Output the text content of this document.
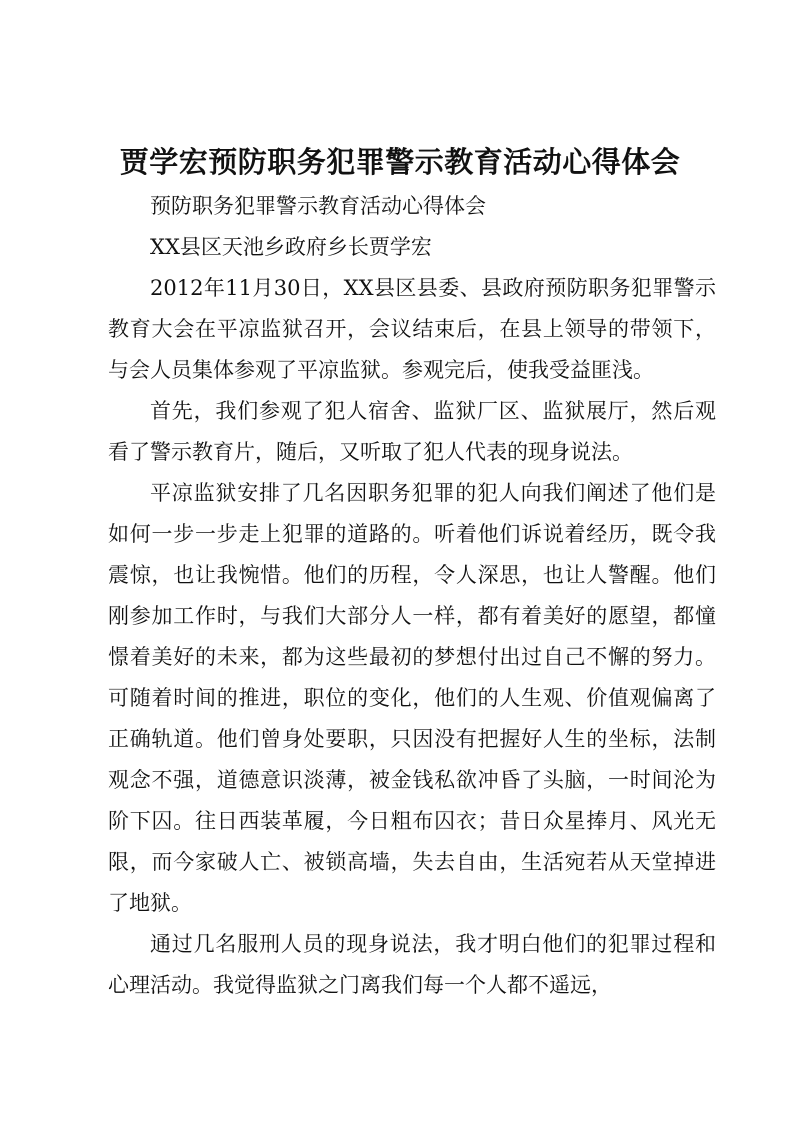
贾学宏预防职务犯罪警示教育活动心得体会

预防职务犯罪警示教育活动心得体会

XX县区天池乡政府乡长贾学宏

2012年11月30日，XX县区县委、县政府预防职务犯罪警示教育大会在平凉监狱召开，会议结束后，在县上领导的带领下，与会人员集体参观了平凉监狱。参观完后，使我受益匪浅。

首先，我们参观了犯人宿舍、监狱厂区、监狱展厅，然后观看了警示教育片，随后，又听取了犯人代表的现身说法。

平凉监狱安排了几名因职务犯罪的犯人向我们阐述了他们是如何一步一步走上犯罪的道路的。听着他们诉说着经历，既令我震惊，也让我惋惜。他们的历程，令人深思，也让人警醒。他们刚参加工作时，与我们大部分人一样，都有着美好的愿望，都憧憬着美好的未来，都为这些最初的梦想付出过自己不懈的努力。可随着时间的推进，职位的变化，他们的人生观、价值观偏离了正确轨道。他们曾身处要职，只因没有把握好人生的坐标，法制观念不强，道德意识淡薄，被金钱私欲冲昏了头脑，一时间沦为阶下囚。往日西装革履，今日粗布囚衣；昔日众星捧月、风光无限，而今家破人亡、被锁高墙，失去自由，生活宛若从天堂掉进了地狱。

通过几名服刑人员的现身说法，我才明白他们的犯罪过程和心理活动。我觉得监狱之门离我们每一个人都不遥远，
